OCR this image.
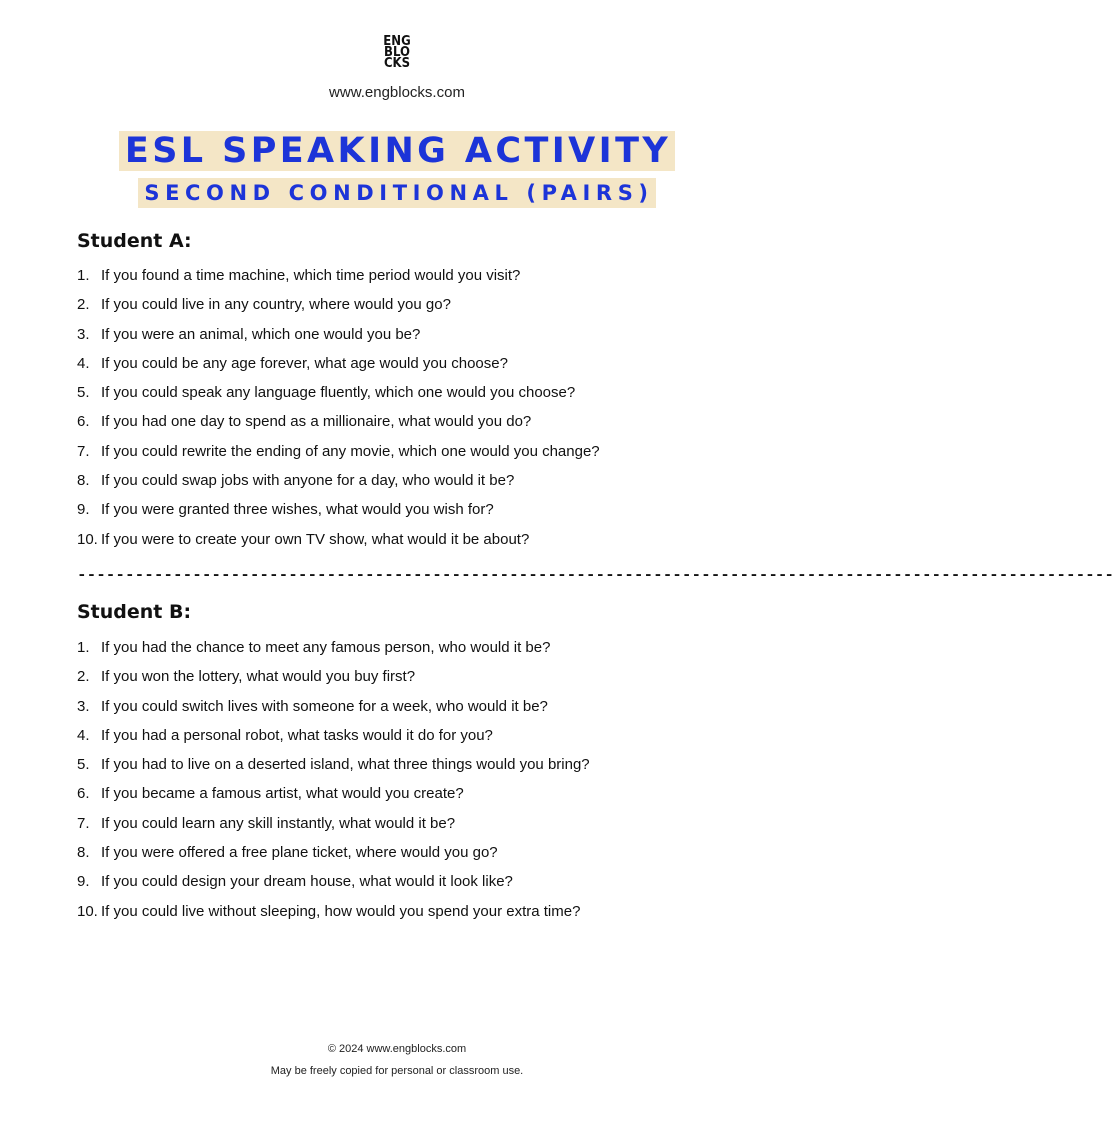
ENG
BLO
CKS
www.engblocks.com
ESL SPEAKING ACTIVITY
SECOND CONDITIONAL (PAIRS)
Student A:
1. If you found a time machine, which time period would you visit?
2. If you could live in any country, where would you go?
3. If you were an animal, which one would you be?
4. If you could be any age forever, what age would you choose?
5. If you could speak any language fluently, which one would you choose?
6. If you had one day to spend as a millionaire, what would you do?
7. If you could rewrite the ending of any movie, which one would you change?
8. If you could swap jobs with anyone for a day, who would it be?
9. If you were granted three wishes, what would you wish for?
10. If you were to create your own TV show, what would it be about?
------------------------------------------------------------------------------------------------------------
Student B:
1. If you had the chance to meet any famous person, who would it be?
2. If you won the lottery, what would you buy first?
3. If you could switch lives with someone for a week, who would it be?
4. If you had a personal robot, what tasks would it do for you?
5. If you had to live on a deserted island, what three things would you bring?
6. If you became a famous artist, what would you create?
7. If you could learn any skill instantly, what would it be?
8. If you were offered a free plane ticket, where would you go?
9. If you could design your dream house, what would it look like?
10. If you could live without sleeping, how would you spend your extra time?
© 2024 www.engblocks.com
May be freely copied for personal or classroom use.
